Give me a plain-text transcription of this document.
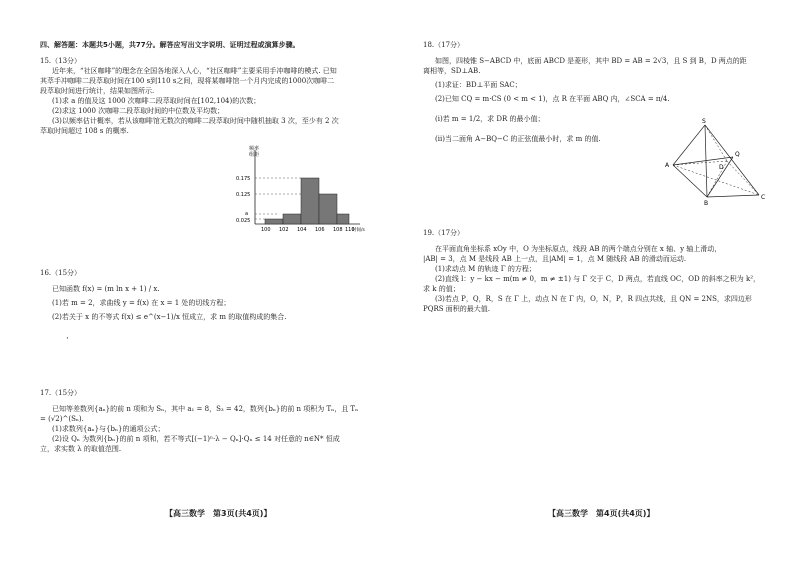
四、解答题：本题共5小题，共77分。解答应写出文字说明、证明过程或演算步骤。

15.（13分）

近年来，“社区咖啡”的理念在全国各地深入人心，“社区咖啡”主要采用手冲咖啡的模式. 已知

其萃手冲咖啡二段萃取时间在100 s到110 s之间，现将某咖啡馆一个月内完成的1000次咖啡二

段萃取时间进行统计，结果如图所示.

(1)求 a 的值及这 1000 次咖啡二段萃取时间在[102,104)的次数；

(2)求这 1000 次咖啡二段萃取时间的中位数及平均数；

(3)以频率估计概率，若从该咖啡馆无数次的咖啡二段萃取时间中随机抽取 3 次，至少有 2 次

萃取时间超过 108 s 的概率.

16.（15分）

已知函数 f(x) = (m ln x + 1) / x.

(1)若 m = 2，求曲线 y = f(x) 在 x = 1 处的切线方程；

(2)若关于 x 的不等式 f(x) ≤ e^(x−1)/x 恒成立，求 m 的取值构成的集合.

17.（15分）

已知等差数列{aₙ}的前 n 项和为 Sₙ，其中 a₁ = 8，S₃ = 42，数列{bₙ}的前 n 项积为 Tₙ，且 Tₙ

= (√2)^(Sₙ).

(1)求数列{aₙ}与{bₙ}的通项公式；

(2)设 Qₙ 为数列{bₙ}的前 n 项和，若不等式[(−1)ⁿ·λ − Qₙ]·Qₙ ≤ 14 对任意的 n∈N* 恒成

立，求实数 λ 的取值范围.

·
频率
组距
0.175
0.125
a
0.025
100 102 104 106 108 110
时间/s

18.（17分）

如图，四棱锥 S−ABCD 中，底面 ABCD 是菱形，其中 BD = AB = 2√3，且 S 到 B，D 两点的距

离相等，SD⊥AB.

(1)求证：BD⊥平面 SAC；

(2)已知 CQ = m·CS (0 < m < 1)，点 R 在平面 ABQ 内，∠SCA = π/4.

(i)若 m = 1/2，求 DR 的最小值；

(ii)当二面角 A−BQ−C 的正弦值最小时，求 m 的值.

19.（17分）

在平面直角坐标系 xOy 中，O 为坐标原点，线段 AB 的两个端点分别在 x 轴、y 轴上滑动，

|AB| = 3，点 M 是线段 AB 上一点，且|AM| = 1，点 M 随线段 AB 的滑动而运动.

(1)求动点 M 的轨迹 Γ 的方程；

(2)直线 l：y − kx − m(m ≠ 0，m ≠ ±1) 与 Γ 交于 C，D 两点，若直线 OC，OD 的斜率之积为 k²，

求 k 的值；

(3)若点 P，Q，R，S 在 Γ 上，动点 N 在 Γ 内，O，N，P，R 四点共线，且 QN = 2NS，求四边形

PQRS 面积的最大值.

S
A
B
C
D
Q
【高三数学　第3页(共4页)】	【高三数学　第4页(共4页)】
